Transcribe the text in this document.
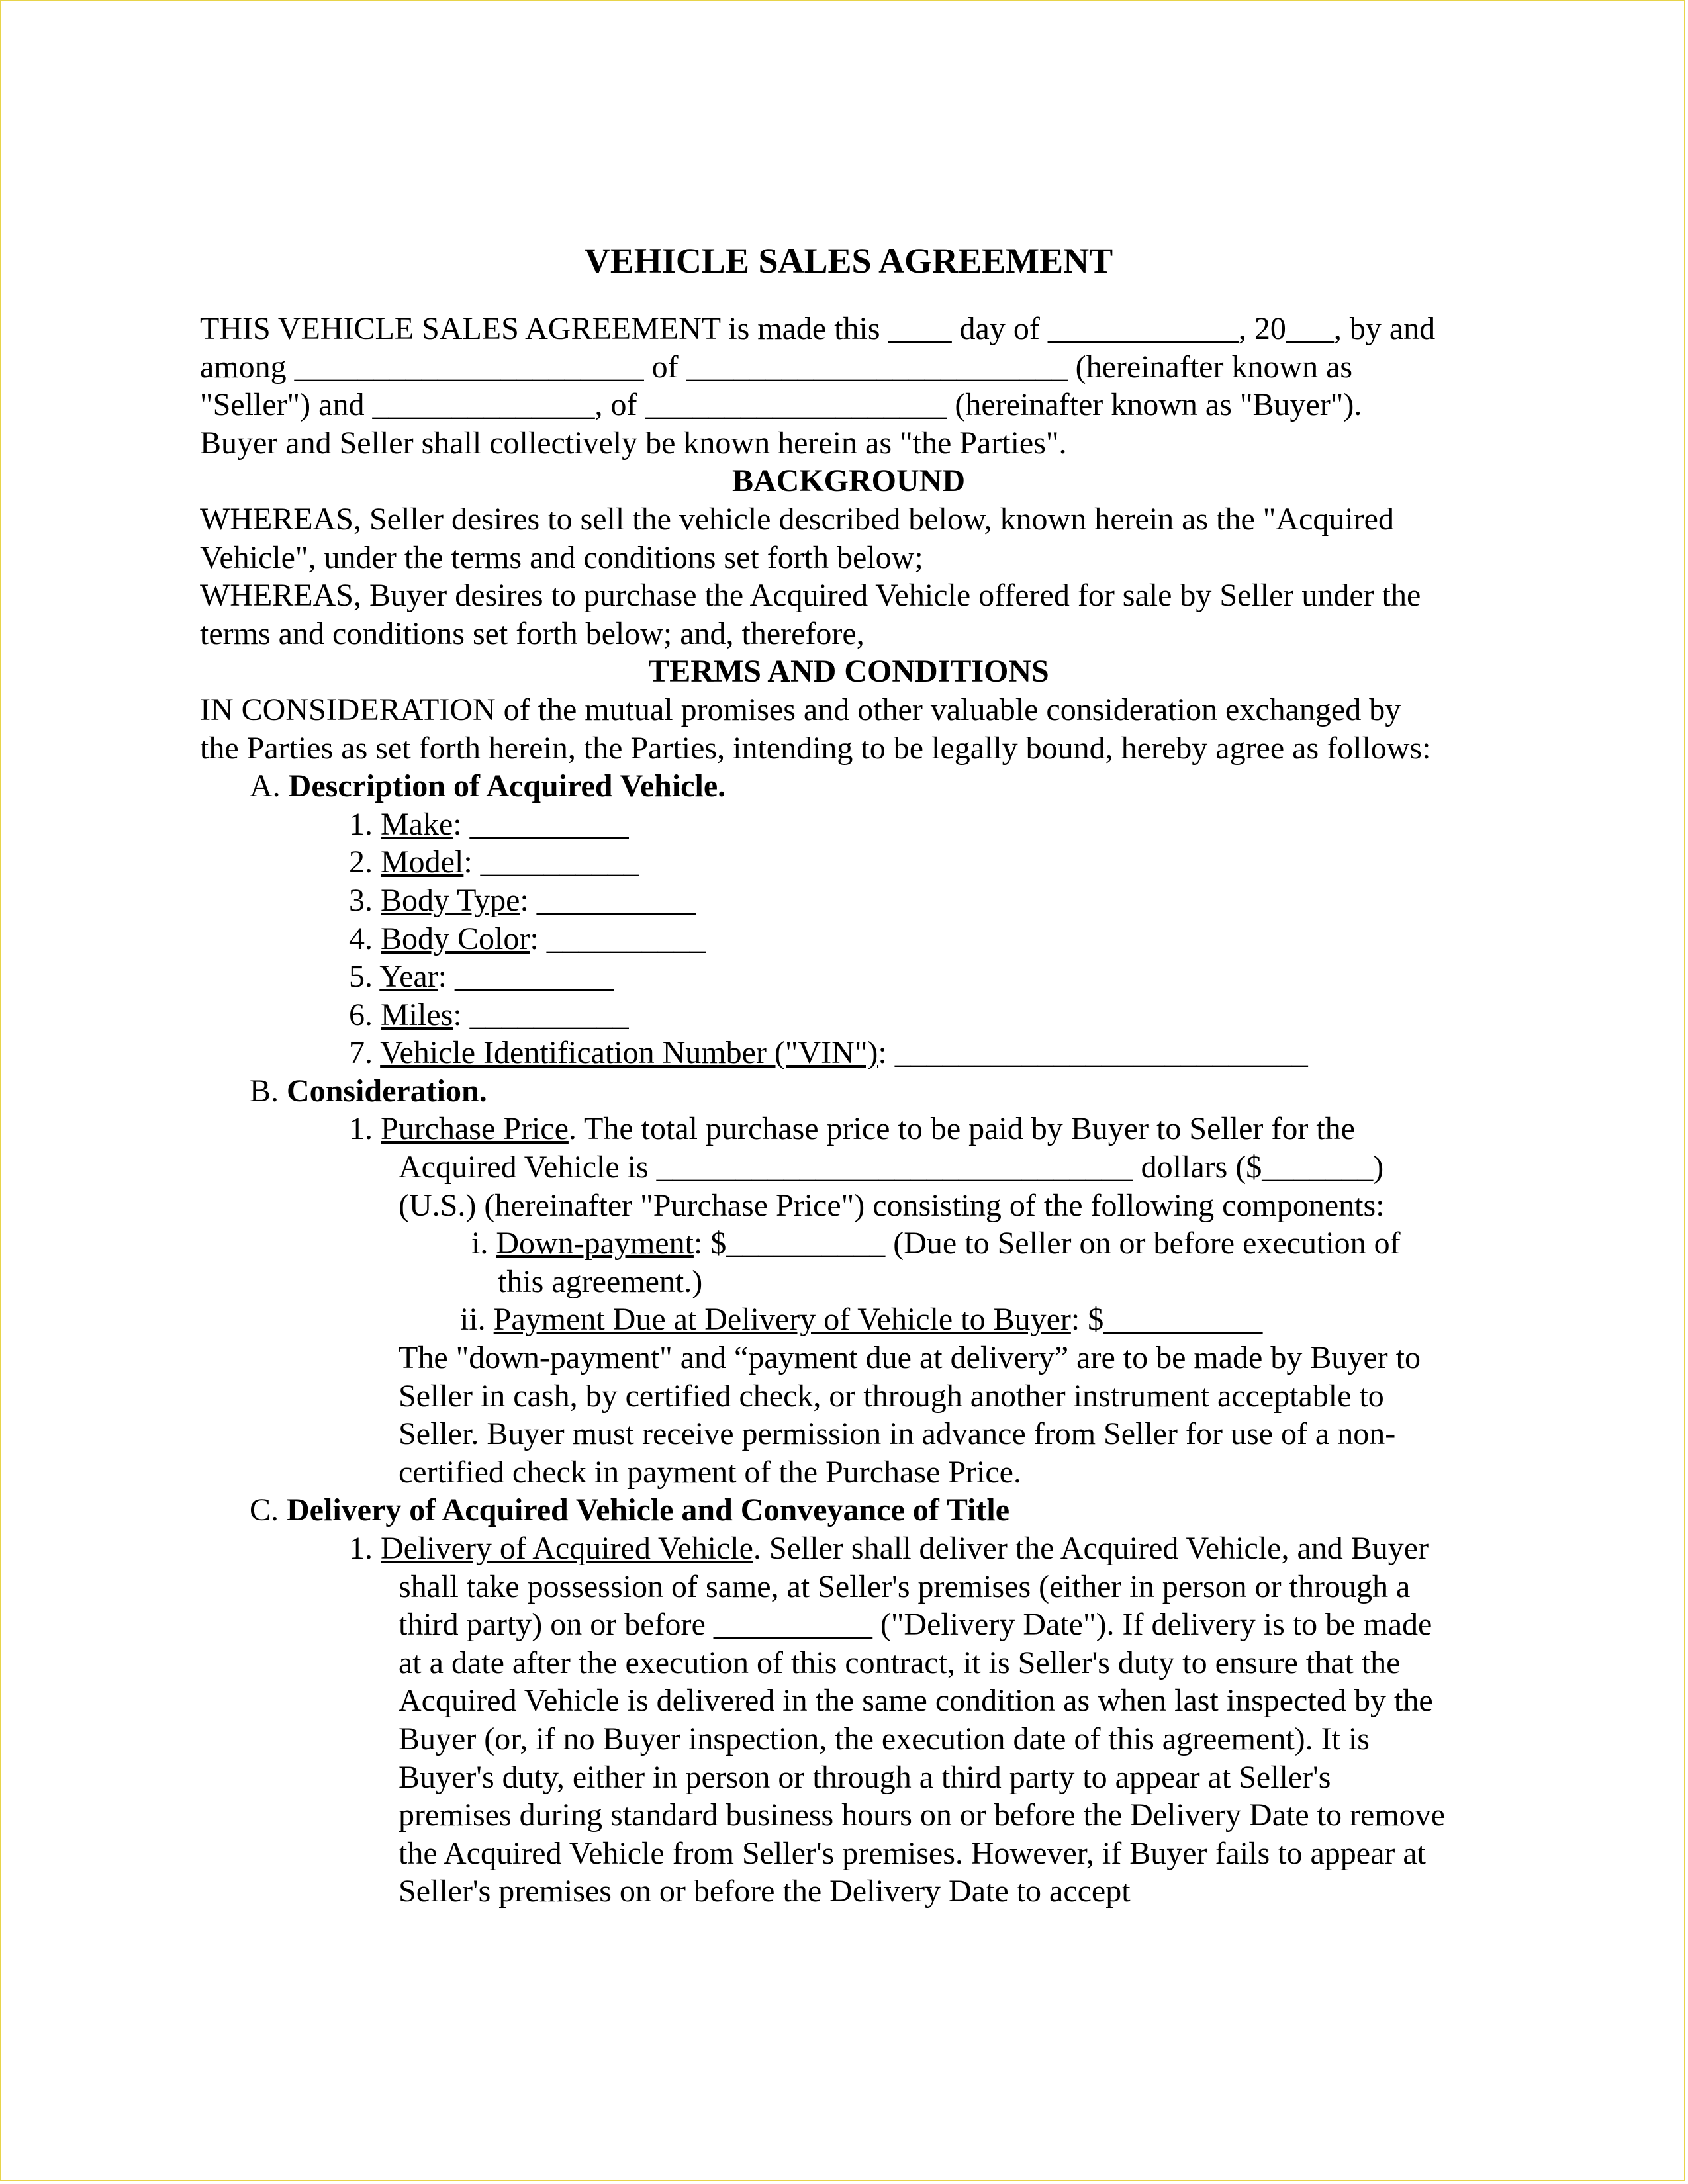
VEHICLE SALES AGREEMENT
THIS VEHICLE SALES AGREEMENT is made this ____ day of ____________, 20___, by and
among ______________________ of ________________________ (hereinafter known as
"Seller") and ______________, of ___________________ (hereinafter known as "Buyer").
Buyer and Seller shall collectively be known herein as "the Parties".
BACKGROUND
WHEREAS, Seller desires to sell the vehicle described below, known herein as the "Acquired
Vehicle", under the terms and conditions set forth below;
WHEREAS, Buyer desires to purchase the Acquired Vehicle offered for sale by Seller under the
terms and conditions set forth below; and, therefore,
TERMS AND CONDITIONS
IN CONSIDERATION of the mutual promises and other valuable consideration exchanged by
the Parties as set forth herein, the Parties, intending to be legally bound, hereby agree as follows:
A. Description of Acquired Vehicle.
1. Make: __________
2. Model: __________
3. Body Type: __________
4. Body Color: __________
5. Year: __________
6. Miles: __________
7. Vehicle Identification Number ("VIN"): __________________________
B. Consideration.
1. Purchase Price. The total purchase price to be paid by Buyer to Seller for the
Acquired Vehicle is ______________________________ dollars ($_______)
(U.S.) (hereinafter "Purchase Price") consisting of the following components:
i. Down-payment: $__________ (Due to Seller on or before execution of
this agreement.)
ii. Payment Due at Delivery of Vehicle to Buyer: $__________
The "down-payment" and “payment due at delivery” are to be made by Buyer to
Seller in cash, by certified check, or through another instrument acceptable to
Seller. Buyer must receive permission in advance from Seller for use of a non-
certified check in payment of the Purchase Price.
C. Delivery of Acquired Vehicle and Conveyance of Title
1. Delivery of Acquired Vehicle. Seller shall deliver the Acquired Vehicle, and Buyer
shall take possession of same, at Seller's premises (either in person or through a
third party) on or before __________ ("Delivery Date"). If delivery is to be made
at a date after the execution of this contract, it is Seller's duty to ensure that the
Acquired Vehicle is delivered in the same condition as when last inspected by the
Buyer (or, if no Buyer inspection, the execution date of this agreement). It is
Buyer's duty, either in person or through a third party to appear at Seller's
premises during standard business hours on or before the Delivery Date to remove
the Acquired Vehicle from Seller's premises. However, if Buyer fails to appear at
Seller's premises on or before the Delivery Date to accept
